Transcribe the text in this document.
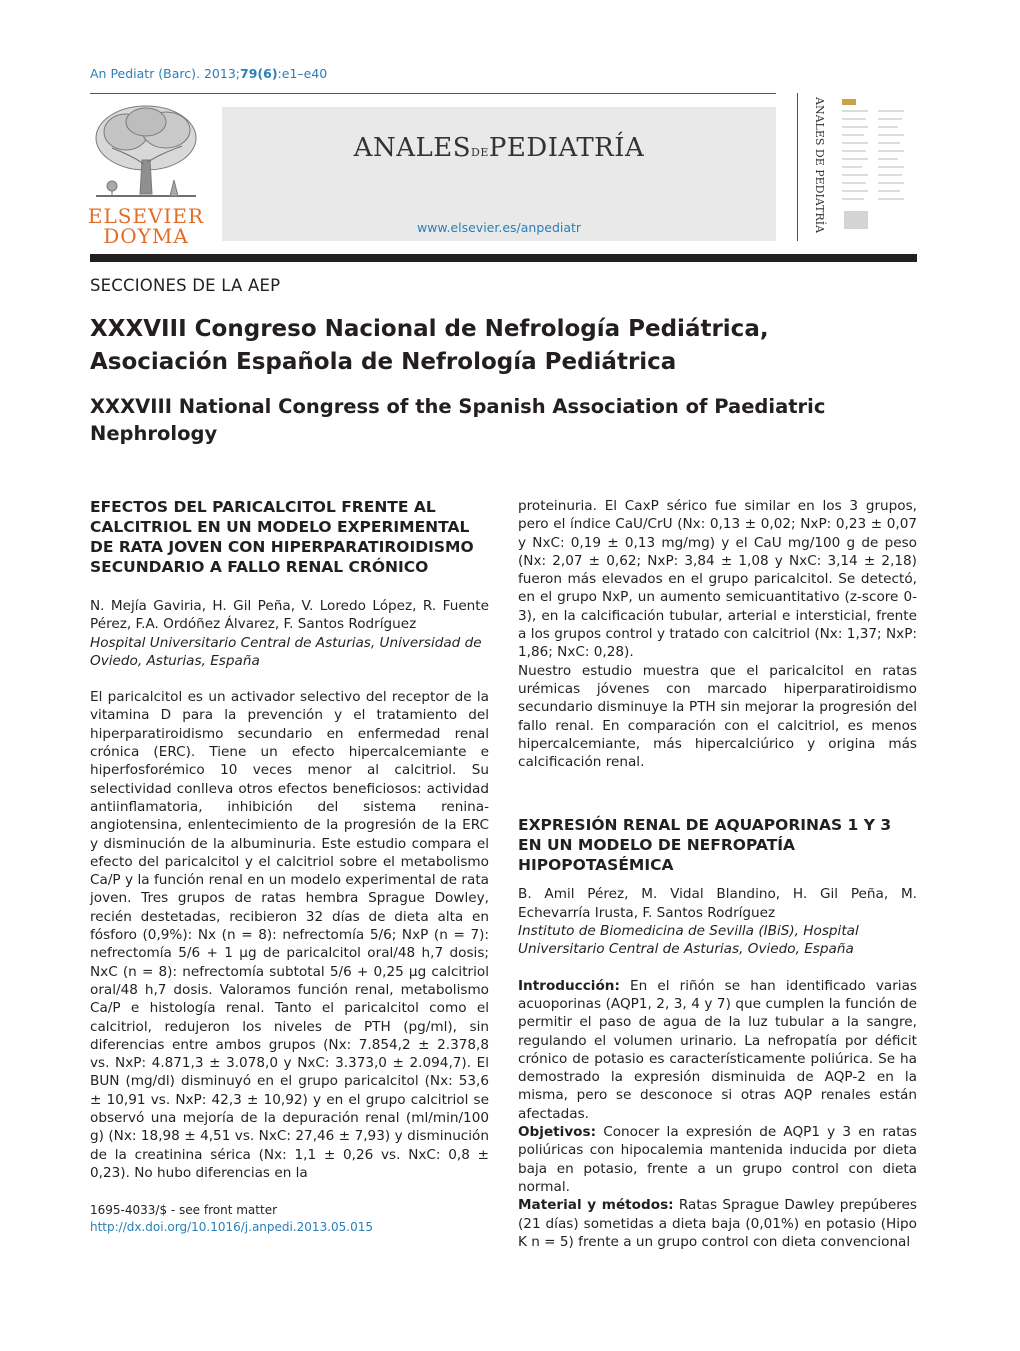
An Pediatr (Barc). 2013;79(6):e1–e40
ELSEVIER
DOYMA
ANALESDEPEDIATRÍA
www.elsevier.es/anpediatr	ANALES DE PEDIATRÍA
SECCIONES DE LA AEP
XXXVIII Congreso Nacional de Nefrología Pediátrica, Asociación Española de Nefrología Pediátrica
XXXVIII National Congress of the Spanish Association of Paediatric Nephrology
EFECTOS DEL PARICALCITOL FRENTE AL CALCITRIOL EN UN MODELO EXPERIMENTAL DE RATA JOVEN CON HIPERPARATIROIDISMO SECUNDARIO A FALLO RENAL CRÓNICO

N. Mejía Gaviria, H. Gil Peña, V. Loredo López, R. Fuente Pérez, F.A. Ordóñez Álvarez, F. Santos Rodríguez

Hospital Universitario Central de Asturias, Universidad de Oviedo, Asturias, España

El paricalcitol es un activador selectivo del receptor de la vitamina D para la prevención y el tratamiento del hiperparatiroidismo secundario en enfermedad renal crónica (ERC). Tiene un efecto hipercalcemiante e hiperfosforémico 10 veces menor al calcitriol. Su selectividad conlleva otros efectos beneficiosos: actividad antiinflamatoria, inhibición del sistema renina-angiotensina, enlentecimiento de la progresión de la ERC y disminución de la albuminuria. Este estudio compara el efecto del paricalcitol y el calcitriol sobre el metabolismo Ca/P y la función renal en un modelo experimental de rata joven. Tres grupos de ratas hembra Sprague Dowley, recién destetadas, recibieron 32 días de dieta alta en fósforo (0,9%): Nx (n = 8): nefrectomía 5/6; NxP (n = 7): nefrectomía 5/6 + 1 μg de paricalcitol oral/48 h,7 dosis; NxC (n = 8): nefrectomía subtotal 5/6 + 0,25 μg calcitriol oral/48 h,7 dosis. Valoramos función renal, metabolismo Ca/P e histología renal. Tanto el paricalcitol como el calcitriol, redujeron los niveles de PTH (pg/ml), sin diferencias entre ambos grupos (Nx: 7.854,2 ± 2.378,8 vs. NxP: 4.871,3 ± 3.078,0 y NxC: 3.373,0 ± 2.094,7). El BUN (mg/dl) disminuyó en el grupo paricalcitol (Nx: 53,6 ± 10,91 vs. NxP: 42,3 ± 10,92) y en el grupo calcitriol se observó una mejoría de la depuración renal (ml/min/100 g) (Nx: 18,98 ± 4,51 vs. NxC: 27,46 ± 7,93) y disminución de la creatinina sérica (Nx: 1,1 ± 0,26 vs. NxC: 0,8 ± 0,23). No hubo diferencias en la

proteinuria. El CaxP sérico fue similar en los 3 grupos, pero el índice CaU/CrU (Nx: 0,13 ± 0,02; NxP: 0,23 ± 0,07 y NxC: 0,19 ± 0,13 mg/mg) y el CaU mg/100 g de peso (Nx: 2,07 ± 0,62; NxP: 3,84 ± 1,08 y NxC: 3,14 ± 2,18) fueron más elevados en el grupo paricalcitol. Se detectó, en el grupo NxP, un aumento semicuantitativo (z-score 0-3), en la calcificación tubular, arterial e intersticial, frente a los grupos control y tratado con calcitriol (Nx: 1,37; NxP: 1,86; NxC: 0,28).

Nuestro estudio muestra que el paricalcitol en ratas urémicas jóvenes con marcado hiperparatiroidismo secundario disminuye la PTH sin mejorar la progresión del fallo renal. En comparación con el calcitriol, es menos hipercalcemiante, más hipercalciúrico y origina más calcificación renal.

EXPRESIÓN RENAL DE AQUAPORINAS 1 Y 3 EN UN MODELO DE NEFROPATÍA HIPOPOTASÉMICA

B. Amil Pérez, M. Vidal Blandino, H. Gil Peña, M. Echevarría Irusta, F. Santos Rodríguez

Instituto de Biomedicina de Sevilla (IBiS), Hospital Universitario Central de Asturias, Oviedo, España

Introducción: En el riñón se han identificado varias acuoporinas (AQP1, 2, 3, 4 y 7) que cumplen la función de permitir el paso de agua de la luz tubular a la sangre, regulando el volumen urinario. La nefropatía por déficit crónico de potasio es característicamente poliúrica. Se ha demostrado la expresión disminuida de AQP-2 en la misma, pero se desconoce si otras AQP renales están afectadas.

Objetivos: Conocer la expresión de AQP1 y 3 en ratas poliúricas con hipocalemia mantenida inducida por dieta baja en potasio, frente a un grupo control con dieta normal.

Material y métodos: Ratas Sprague Dawley prepúberes (21 días) sometidas a dieta baja (0,01%) en potasio (Hipo K n = 5) frente a un grupo control con dieta convencional

1695-4033/$ - see front matter
http://dx.doi.org/10.1016/j.anpedi.2013.05.015
